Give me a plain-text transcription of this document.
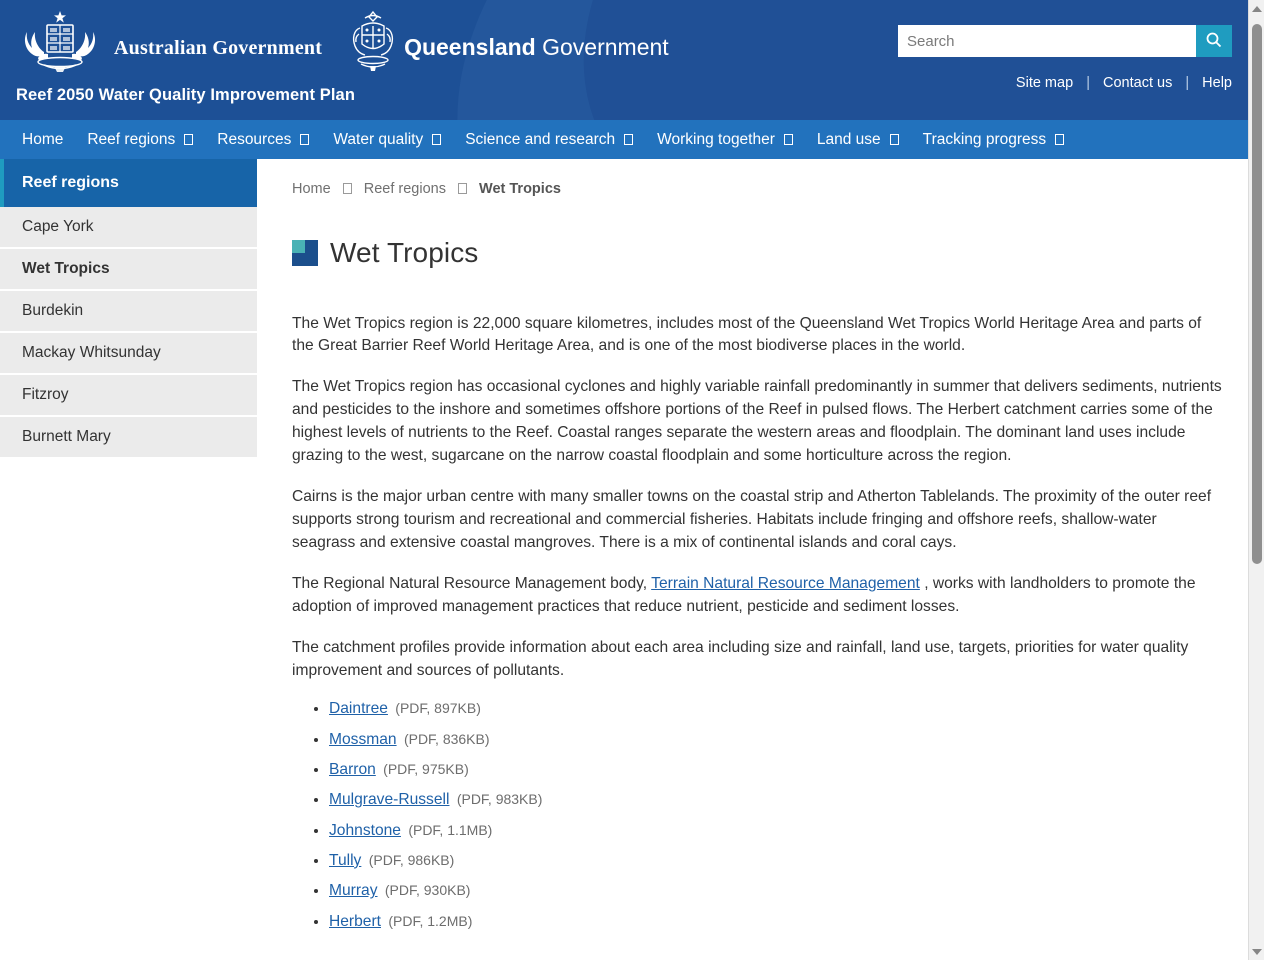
Australian Government	Queensland Government
Reef 2050 Water Quality Improvement Plan
Search
Site map | Contact us | Help
Home Reef regions	Resources	Water quality	Science and research	Working together	Land use	Tracking progress
Reef regions
Cape York
Wet Tropics
Burdekin
Mackay Whitsunday
Fitzroy
Burnett Mary
Home Reef regions Wet Tropics
Wet Tropics

The Wet Tropics region is 22,000 square kilometres, includes most of the Queensland Wet Tropics World Heritage Area and parts of the Great Barrier Reef World Heritage Area, and is one of the most biodiverse places in the world.

The Wet Tropics region has occasional cyclones and highly variable rainfall predominantly in summer that delivers sediments, nutrients and pesticides to the inshore and sometimes offshore portions of the Reef in pulsed flows. The Herbert catchment carries some of the highest levels of nutrients to the Reef. Coastal ranges separate the western areas and floodplain. The dominant land uses include grazing to the west, sugarcane on the narrow coastal floodplain and some horticulture across the region.

Cairns is the major urban centre with many smaller towns on the coastal strip and Atherton Tablelands. The proximity of the outer reef supports strong tourism and recreational and commercial fisheries. Habitats include fringing and offshore reefs, shallow-water seagrass and extensive coastal mangroves. There is a mix of continental islands and coral cays.

The Regional Natural Resource Management body, Terrain Natural Resource Management , works with landholders to promote the adoption of improved management practices that reduce nutrient, pesticide and sediment losses.

The catchment profiles provide information about each area including size and rainfall, land use, targets, priorities for water quality improvement and sources of pollutants.

• Daintree (PDF, 897KB)
• Mossman (PDF, 836KB)
• Barron (PDF, 975KB)
• Mulgrave-Russell (PDF, 983KB)
• Johnstone (PDF, 1.1MB)
• Tully (PDF, 986KB)
• Murray (PDF, 930KB)
• Herbert (PDF, 1.2MB)
